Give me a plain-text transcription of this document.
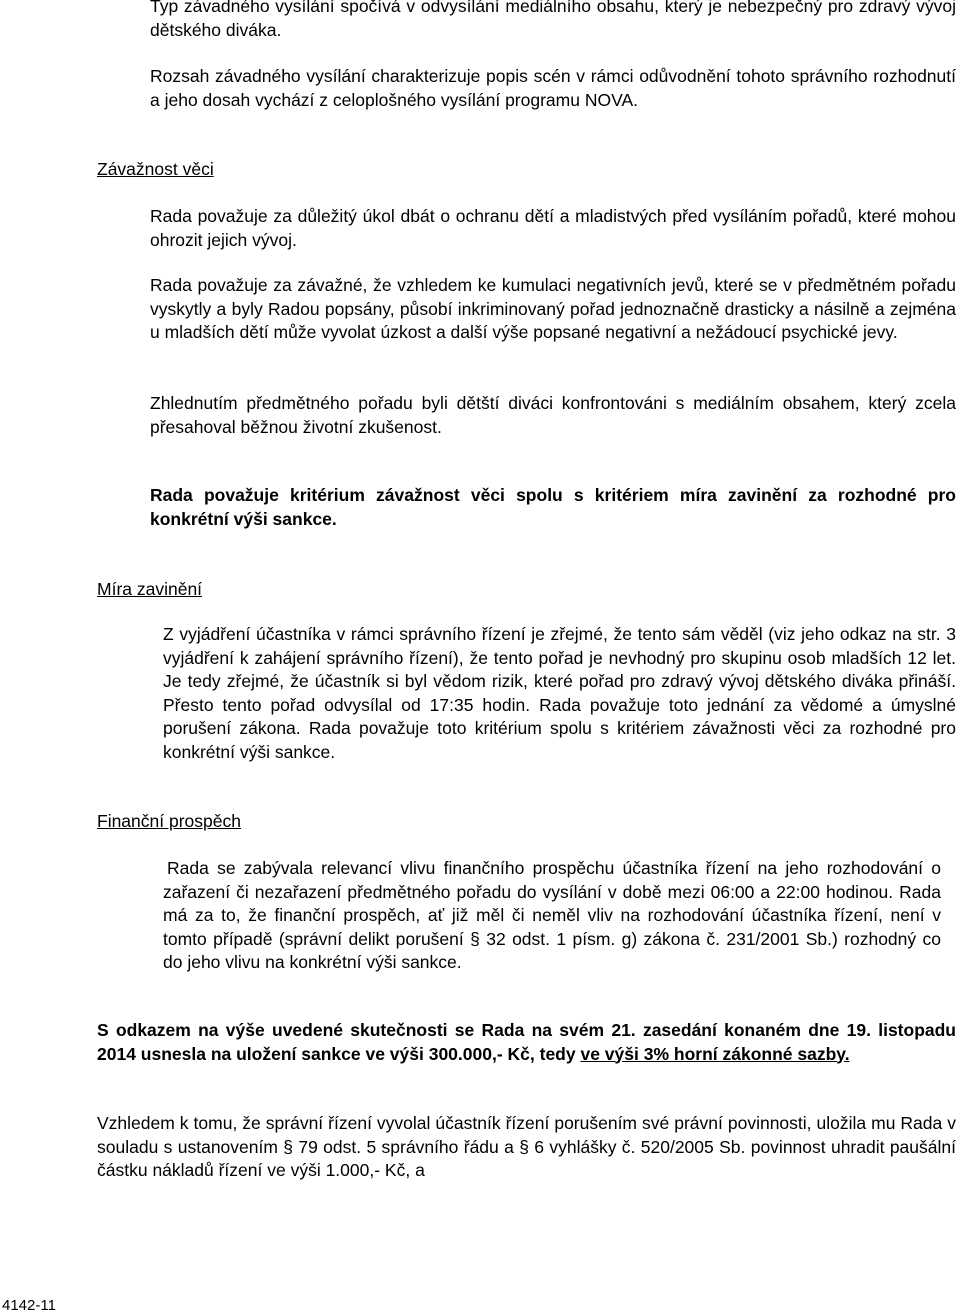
Typ závadného vysílání spočívá v odvysílání mediálního obsahu, který je nebezpečný pro zdravý vývoj dětského diváka.
Rozsah závadného vysílání charakterizuje popis scén v rámci odůvodnění tohoto správního rozhodnutí a jeho dosah vychází z celoplošného vysílání programu NOVA.
Závažnost věci
Rada považuje za důležitý úkol dbát o ochranu dětí a mladistvých před vysíláním pořadů, které mohou ohrozit jejich vývoj.
Rada považuje za závažné, že vzhledem ke kumulaci negativních jevů, které se v předmětném pořadu vyskytly a byly Radou popsány, působí inkriminovaný pořad jednoznačně drasticky a násilně a zejména u mladších dětí může vyvolat úzkost a další výše popsané negativní a nežádoucí psychické jevy.
Zhlednutím předmětného pořadu byli dětští diváci konfrontováni s mediálním obsahem, který zcela přesahoval běžnou životní zkušenost.
Rada považuje kritérium závažnost věci spolu s kritériem míra zavinění za rozhodné pro konkrétní výši sankce.
Míra zavinění
Z vyjádření účastníka v rámci správního řízení je zřejmé, že tento sám věděl (viz jeho odkaz na str. 3 vyjádření k zahájení správního řízení), že tento pořad je nevhodný pro skupinu osob mladších 12 let. Je tedy zřejmé, že účastník si byl vědom rizik, které pořad pro zdravý vývoj dětského diváka přináší. Přesto tento pořad odvysílal od 17:35 hodin. Rada považuje toto jednání za vědomé a úmyslné porušení zákona. Rada považuje toto kritérium spolu s kritériem závažnosti věci za rozhodné pro konkrétní výši sankce.
Finanční prospěch
Rada se zabývala relevancí vlivu finančního prospěchu účastníka řízení na jeho rozhodování o zařazení či nezařazení předmětného pořadu do vysílání v době mezi 06:00 a 22:00 hodinou. Rada má za to, že finanční prospěch, ať již měl či neměl vliv na rozhodování účastníka řízení, není v tomto případě (správní delikt porušení § 32 odst. 1 písm. g) zákona č. 231/2001 Sb.) rozhodný co do jeho vlivu na konkrétní výši sankce.
S odkazem na výše uvedené skutečnosti se Rada na svém 21. zasedání konaném dne 19. listopadu 2014 usnesla na uložení sankce ve výši 300.000,- Kč, tedy ve výši 3% horní zákonné sazby.
Vzhledem k tomu, že správní řízení vyvolal účastník řízení porušením své právní povinnosti, uložila mu Rada v souladu s ustanovením § 79 odst. 5 správního řádu a § 6 vyhlášky č. 520/2005 Sb. povinnost uhradit paušální částku nákladů řízení ve výši 1.000,- Kč, a
4142-11
